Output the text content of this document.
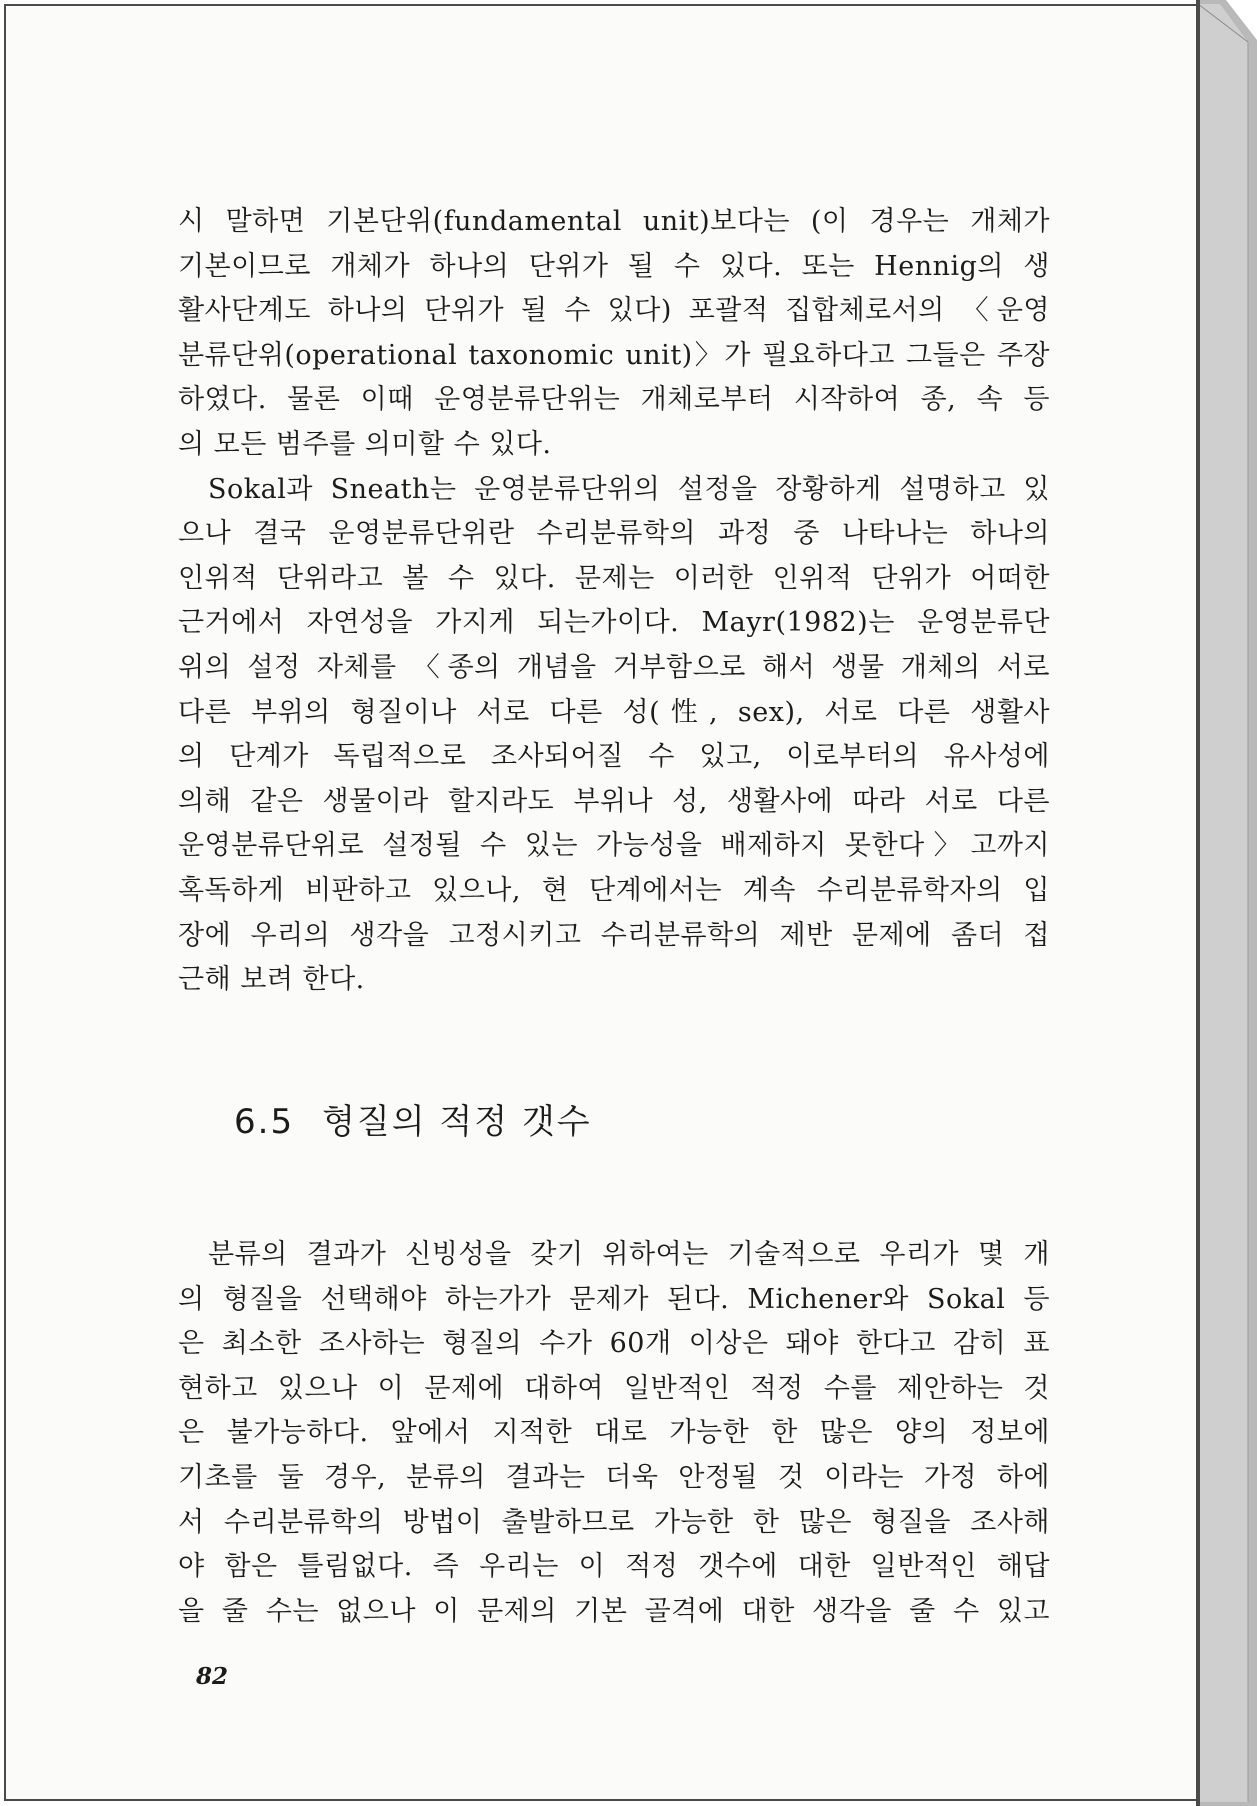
시 말하면 기본단위(fundamental unit)보다는 (이 경우는 개체가
기본이므로 개체가 하나의 단위가 될 수 있다. 또는 Hennig의 생
활사단계도 하나의 단위가 될 수 있다) 포괄적 집합체로서의 〈운영
분류단위(operational taxonomic unit)〉가 필요하다고 그들은 주장
하였다. 물론 이때 운영분류단위는 개체로부터 시작하여 종, 속 등
의 모든 범주를 의미할 수 있다.
Sokal과 Sneath는 운영분류단위의 설정을 장황하게 설명하고 있
으나 결국 운영분류단위란 수리분류학의 과정 중 나타나는 하나의
인위적 단위라고 볼 수 있다. 문제는 이러한 인위적 단위가 어떠한
근거에서 자연성을 가지게 되는가이다. Mayr(1982)는 운영분류단
위의 설정 자체를 〈종의 개념을 거부함으로 해서 생물 개체의 서로
다른 부위의 형질이나 서로 다른 성(性, sex), 서로 다른 생활사
의 단계가 독립적으로 조사되어질 수 있고, 이로부터의 유사성에
의해 같은 생물이라 할지라도 부위나 성, 생활사에 따라 서로 다른
운영분류단위로 설정될 수 있는 가능성을 배제하지 못한다〉고까지
혹독하게 비판하고 있으나, 현 단계에서는 계속 수리분류학자의 입
장에 우리의 생각을 고정시키고 수리분류학의 제반 문제에 좀더 접
근해 보려 한다.
6.5 형질의 적정 갯수
분류의 결과가 신빙성을 갖기 위하여는 기술적으로 우리가 몇 개
의 형질을 선택해야 하는가가 문제가 된다. Michener와 Sokal 등
은 최소한 조사하는 형질의 수가 60개 이상은 돼야 한다고 감히 표
현하고 있으나 이 문제에 대하여 일반적인 적정 수를 제안하는 것
은 불가능하다. 앞에서 지적한 대로 가능한 한 많은 양의 정보에
기초를 둘 경우, 분류의 결과는 더욱 안정될 것 이라는 가정 하에
서 수리분류학의 방법이 출발하므로 가능한 한 많은 형질을 조사해
야 함은 틀림없다. 즉 우리는 이 적정 갯수에 대한 일반적인 해답
을 줄 수는 없으나 이 문제의 기본 골격에 대한 생각을 줄 수 있고

82
